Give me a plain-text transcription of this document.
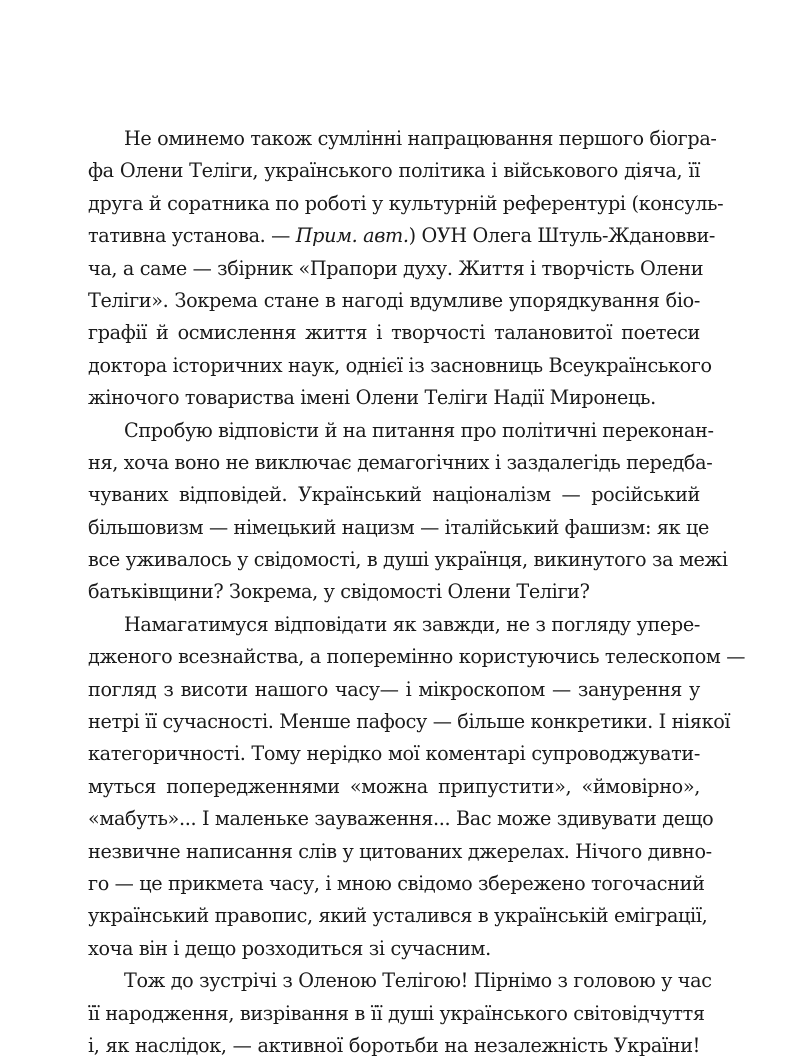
Не оминемо також сумлінні напрацювання першого біогра-
фа Олени Теліги, українського політика і військового діяча, її
друга й соратника по роботі у культурній референтурі (консуль-
тативна установа. — Прим. авт.) ОУН Олега Штуль-Ждановви-
ча, а саме — збірник «Прапори духу. Життя і творчість Олени
Теліги». Зокрема стане в нагоді вдумливе упорядкування біо-
графії й осмислення життя і творчості талановитої поетеси
доктора історичних наук, однієї із засновниць Всеукраїнського
жіночого товариства імені Олени Теліги Надії Миронець.
Спробую відповісти й на питання про політичні переконан-
ня, хоча воно не виключає демагогічних і заздалегідь передба-
чуваних відповідей. Український націоналізм — російський
більшовизм — німецький нацизм — італійський фашизм: як це
все уживалось у свідомості, в душі українця, викинутого за межі
батьківщини? Зокрема, у свідомості Олени Теліги?
Намагатимуся відповідати як завжди, не з погляду упере-
дженого всезнайства, а поперемінно користуючись телескопом —
погляд з висоти нашого часу— і мікроскопом — занурення у
нетрі її сучасності. Менше пафосу — більше конкретики. І ніякої
категоричності. Тому нерідко мої коментарі супроводжувати-
муться попередженнями «можна припустити», «ймовірно»,
«мабуть»... І маленьке зауваження... Вас може здивувати дещо
незвичне написання слів у цитованих джерелах. Нічого дивно-
го — це прикмета часу, і мною свідомо збережено тогочасний
український правопис, який усталився в українській еміграції,
хоча він і дещо розходиться зі сучасним.
Тож до зустрічі з Оленою Телігою! Пірнімо з головою у час
її народження, визрівання в її душі українського світовідчуття
і, як наслідок, — активної боротьби на незалежність України!
